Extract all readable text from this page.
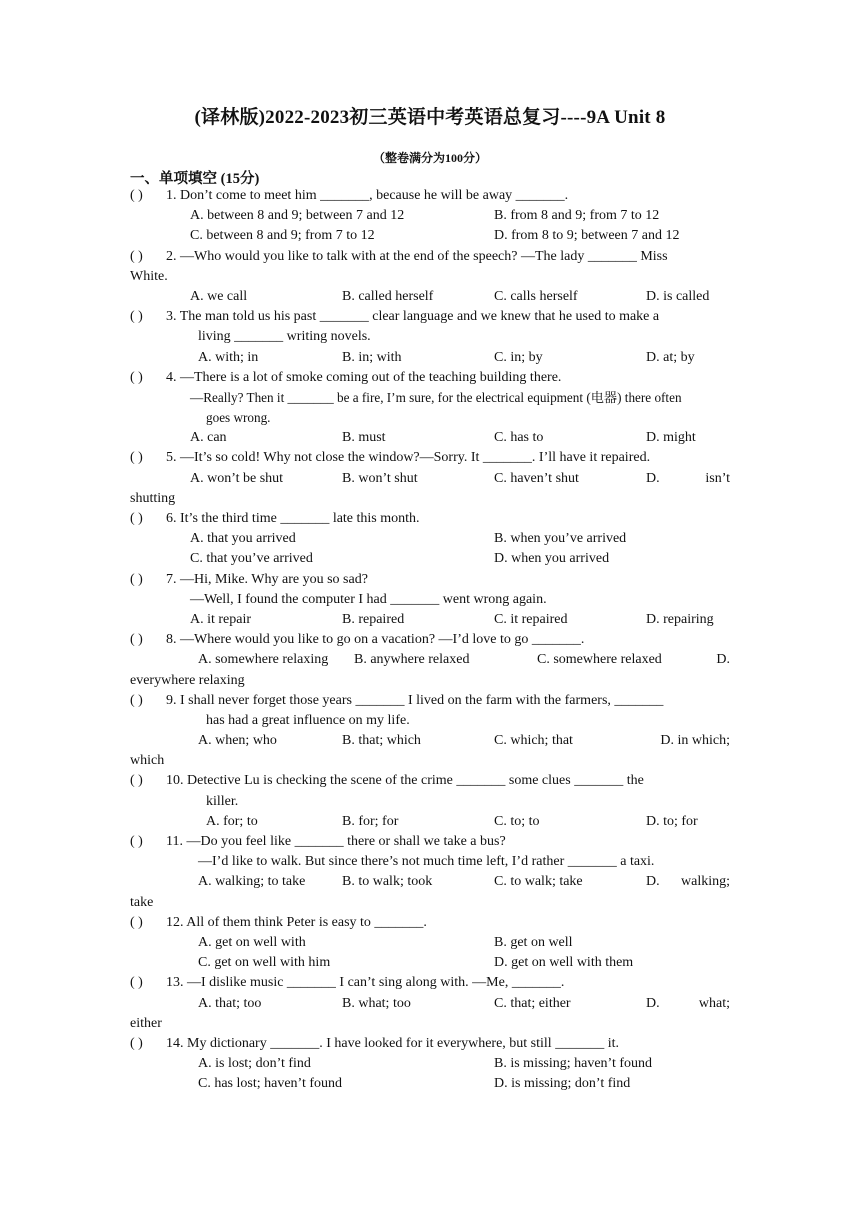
(译林版)2022-2023初三英语中考英语总复习----9A Unit 8
（整卷满分为100分）
一、单项填空 (15分)
( ) 1. Don’t come to meet him _______, because he will be away _______.
A. between 8 and 9; between 7 and 12	B. from 8 and 9; from 7 to 12
C. between 8 and 9; from 7 to 12	D. from 8 to 9; between 7 and 12
( ) 2. —Who would you like to talk with at the end of the speech? —The lady _______ Miss
White.
A. we call	B. called herself	C. calls herself	D. is called
( ) 3. The man told us his past _______ clear language and we knew that he used to make a
living _______ writing novels.
A. with; in	B. in; with	C. in; by	D. at; by
( ) 4. —There is a lot of smoke coming out of the teaching building there.
—Really? Then it _______ be a fire, I’m sure, for the electrical equipment (电器) there often
goes wrong.
A. can	B. must	C. has to	D. might
( ) 5. —It’s so cold! Why not close the window?—Sorry. It _______. I’ll have it repaired.
A. won’t be shut	B. won’t shut	C. haven’t shut	D.	isn’t
shutting
( ) 6. It’s the third time _______ late this month.
A. that you arrived	B. when you’ve arrived
C. that you’ve arrived	D. when you arrived
( ) 7. —Hi, Mike. Why are you so sad?
—Well, I found the computer I had _______ went wrong again.
A. it repair	B. repaired	C. it repaired	D. repairing
( ) 8. —Where would you like to go on a vacation? —I’d love to go _______.
A. somewhere relaxing B. anywhere relaxed	C. somewhere relaxed	D.
everywhere relaxing
( ) 9. I shall never forget those years _______ I lived on the farm with the farmers, _______
has had a great influence on my life.
A. when; who	B. that; which	C. which; that	D. in which;
which
( ) 10. Detective Lu is checking the scene of the crime _______ some clues _______ the
killer.
A. for; to	B. for; for	C. to; to	D. to; for
( ) 11. —Do you feel like _______ there or shall we take a bus?
—I’d like to walk. But since there’s not much time left, I’d rather _______ a taxi.
A. walking; to take	B. to walk; took	C. to walk; take	D. walking;
take
( ) 12. All of them think Peter is easy to _______.
A. get on well with	B. get on well
C. get on well with him	D. get on well with them
( ) 13. —I dislike music _______ I can’t sing along with. —Me, _______.
A. that; too	B. what; too	C. that; either	D.	what;
either
( ) 14. My dictionary _______. I have looked for it everywhere, but still _______ it.
A. is lost; don’t find	B. is missing; haven’t found
C. has lost; haven’t found	D. is missing; don’t find
